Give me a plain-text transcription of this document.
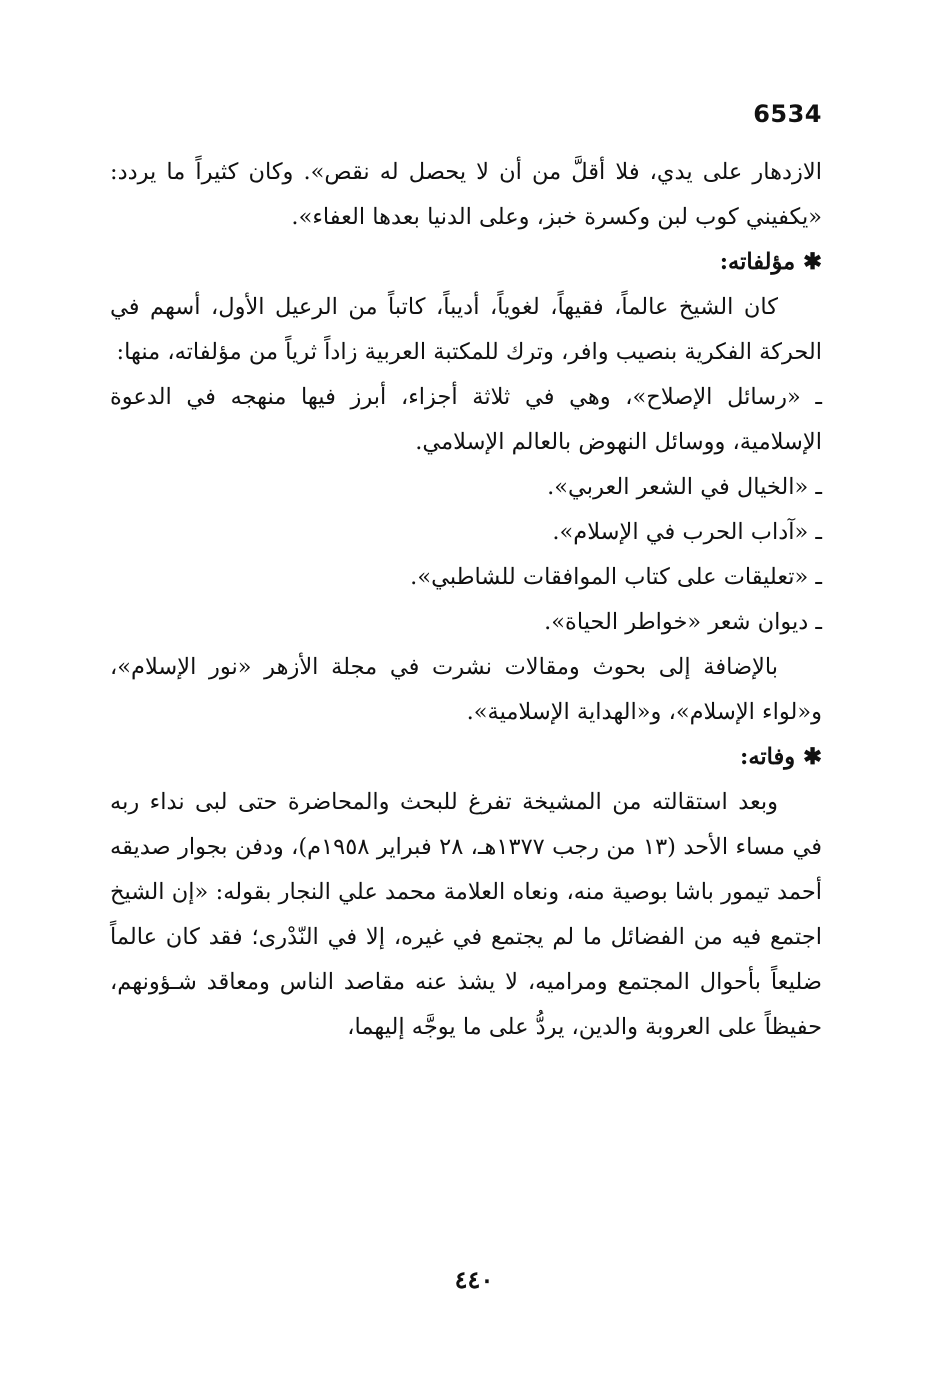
6534

الازدهار على يدي، فلا أقلَّ من أن لا يحصل له نقص». وكان كثيراً ما يردد: «يكفيني كوب لبن وكسرة خبز، وعلى الدنيا بعدها العفاء».

✱مؤلفاته:

كان الشيخ عالماً، فقيهاً، لغوياً، أديباً، كاتباً من الرعيل الأول، أسهم في الحركة الفكرية بنصيب وافر، وترك للمكتبة العربية زاداً ثرياً من مؤلفاته، منها:

ـ «رسائل الإصلاح»، وهي في ثلاثة أجزاء، أبرز فيها منهجه في الدعوة الإسلامية، ووسائل النهوض بالعالم الإسلامي.

ـ «الخيال في الشعر العربي».

ـ «آداب الحرب في الإسلام».

ـ «تعليقات على كتاب الموافقات للشاطبي».

ـ ديوان شعر «خواطر الحياة».

بالإضافة إلى بحوث ومقالات نشرت في مجلة الأزهر «نور الإسلام»، و«لواء الإسلام»، و«الهداية الإسلامية».

✱وفاته:

وبعد استقالته من المشيخة تفرغ للبحث والمحاضرة حتى لبى نداء ربه في مساء الأحد (١٣ من رجب ١٣٧٧هـ، ٢٨ فبراير ١٩٥٨م)، ودفن بجوار صديقه أحمد تيمور باشا بوصية منه، ونعاه العلامة محمد علي النجار بقوله: «إن الشيخ اجتمع فيه من الفضائل ما لم يجتمع في غيره، إلا في النّدْرى؛ فقد كان عالماً ضليعاً بأحوال المجتمع ومراميه، لا يشذ عنه مقاصد الناس ومعاقد شـؤونهم، حفيظاً على العروبة والدين، يردُّ على ما يوجَّه إليهما،

٤٤٠
